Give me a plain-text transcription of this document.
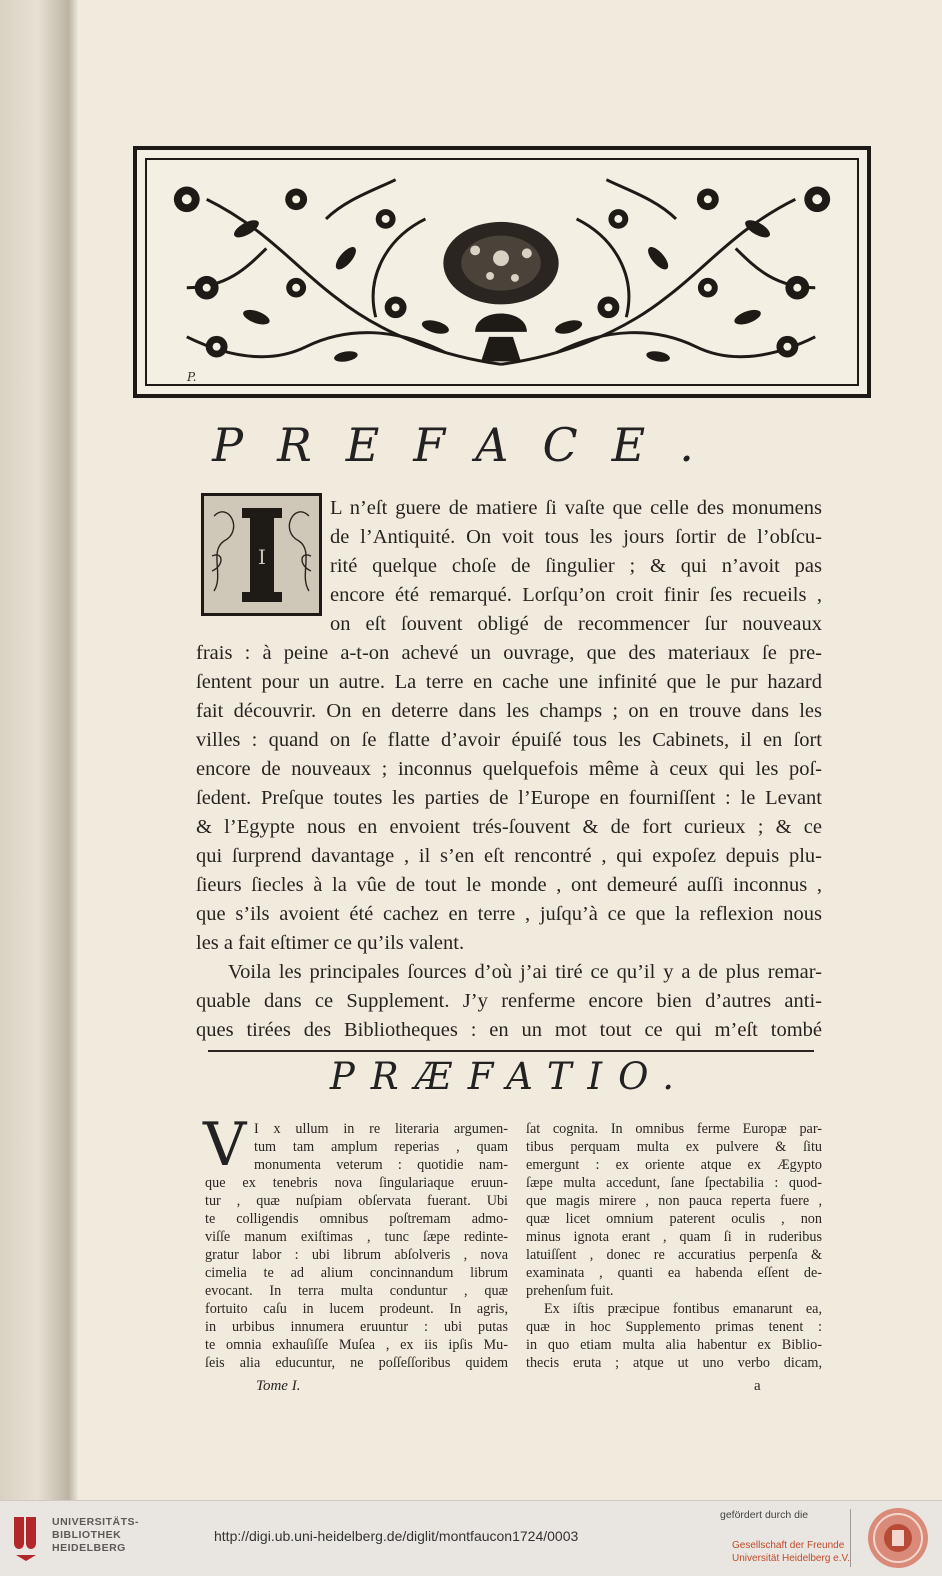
P.
PREFACE.
I
L n’eſt guere de matiere ſi vaſte que celle des monumens
de l’Antiquité. On voit tous les jours ſortir de l’obſcu-
rité quelque choſe de ſingulier ; & qui n’avoit pas
encore été remarqué. Lorſqu’on croit finir ſes recueils ,
on eſt ſouvent obligé de recommencer ſur nouveaux
frais : à peine a-t-on achevé un ouvrage, que des materiaux ſe pre-
ſentent pour un autre. La terre en cache une infinité que le pur hazard
fait découvrir. On en deterre dans les champs ; on en trouve dans les
villes : quand on ſe flatte d’avoir épuiſé tous les Cabinets, il en ſort
encore de nouveaux ; inconnus quelquefois même à ceux qui les poſ-
ſedent. Preſque toutes les parties de l’Europe en fourniſſent : le Levant
& l’Egypte nous en envoient trés-ſouvent & de fort curieux ; & ce
qui ſurprend davantage , il s’en eſt rencontré , qui expoſez depuis plu-
ſieurs ſiecles à la vûe de tout le monde , ont demeuré auſſi inconnus ,
que s’ils avoient été cachez en terre , juſqu’à ce que la reflexion nous
les a fait eſtimer ce qu’ils valent.
Voila les principales ſources d’où j’ai tiré ce qu’il y a de plus remar-
quable dans ce Supplement. J’y renferme encore bien d’autres anti-
ques tirées des Bibliotheques : en un mot tout ce qui m’eſt tombé
PRÆFATIO.
V I x ullum in re literaria argumen-
tum tam amplum reperias , quam
monumenta veterum : quotidie nam-
que ex tenebris nova ſingulariaque eruun-
tur , quæ nuſpiam obſervata fuerant. Ubi
te colligendis omnibus poſtremam admo-
viſſe manum exiſtimas , tunc ſæpe redinte-
gratur labor : ubi librum abſolveris , nova
cimelia te ad alium concinnandum librum
evocant. In terra multa conduntur , quæ
fortuito caſu in lucem prodeunt. In agris,
in urbibus innumera eruuntur : ubi putas
te omnia exhauſiſſe Muſea , ex iis ipſis Mu-
ſeis alia educuntur, ne poſſeſſoribus quidem
ſat cognita. In omnibus ferme Europæ par-
tibus perquam multa ex pulvere & ſitu
emergunt : ex oriente atque ex Ægypto
ſæpe multa accedunt, ſane ſpectabilia : quod-
que magis mirere , non pauca reperta fuere ,
quæ licet omnium paterent oculis , non
minus ignota erant , quam ſi in ruderibus
latuiſſent , donec re accuratius perpenſa &
examinata , quanti ea habenda eſſent de-
prehenſum fuit.
Ex iſtis præcipue fontibus emanarunt ea,
quæ in hoc Supplemento primas tenent :
in quo etiam multa alia habentur ex Biblio-
thecis eruta ; atque ut uno verbo dicam,
Tome I.	a
UNIVERSITÄTS-
BIBLIOTHEK
HEIDELBERG
http://digi.ub.uni-heidelberg.de/diglit/montfaucon1724/0003
gefördert durch die
Gesellschaft der Freunde
Universität Heidelberg e.V.
